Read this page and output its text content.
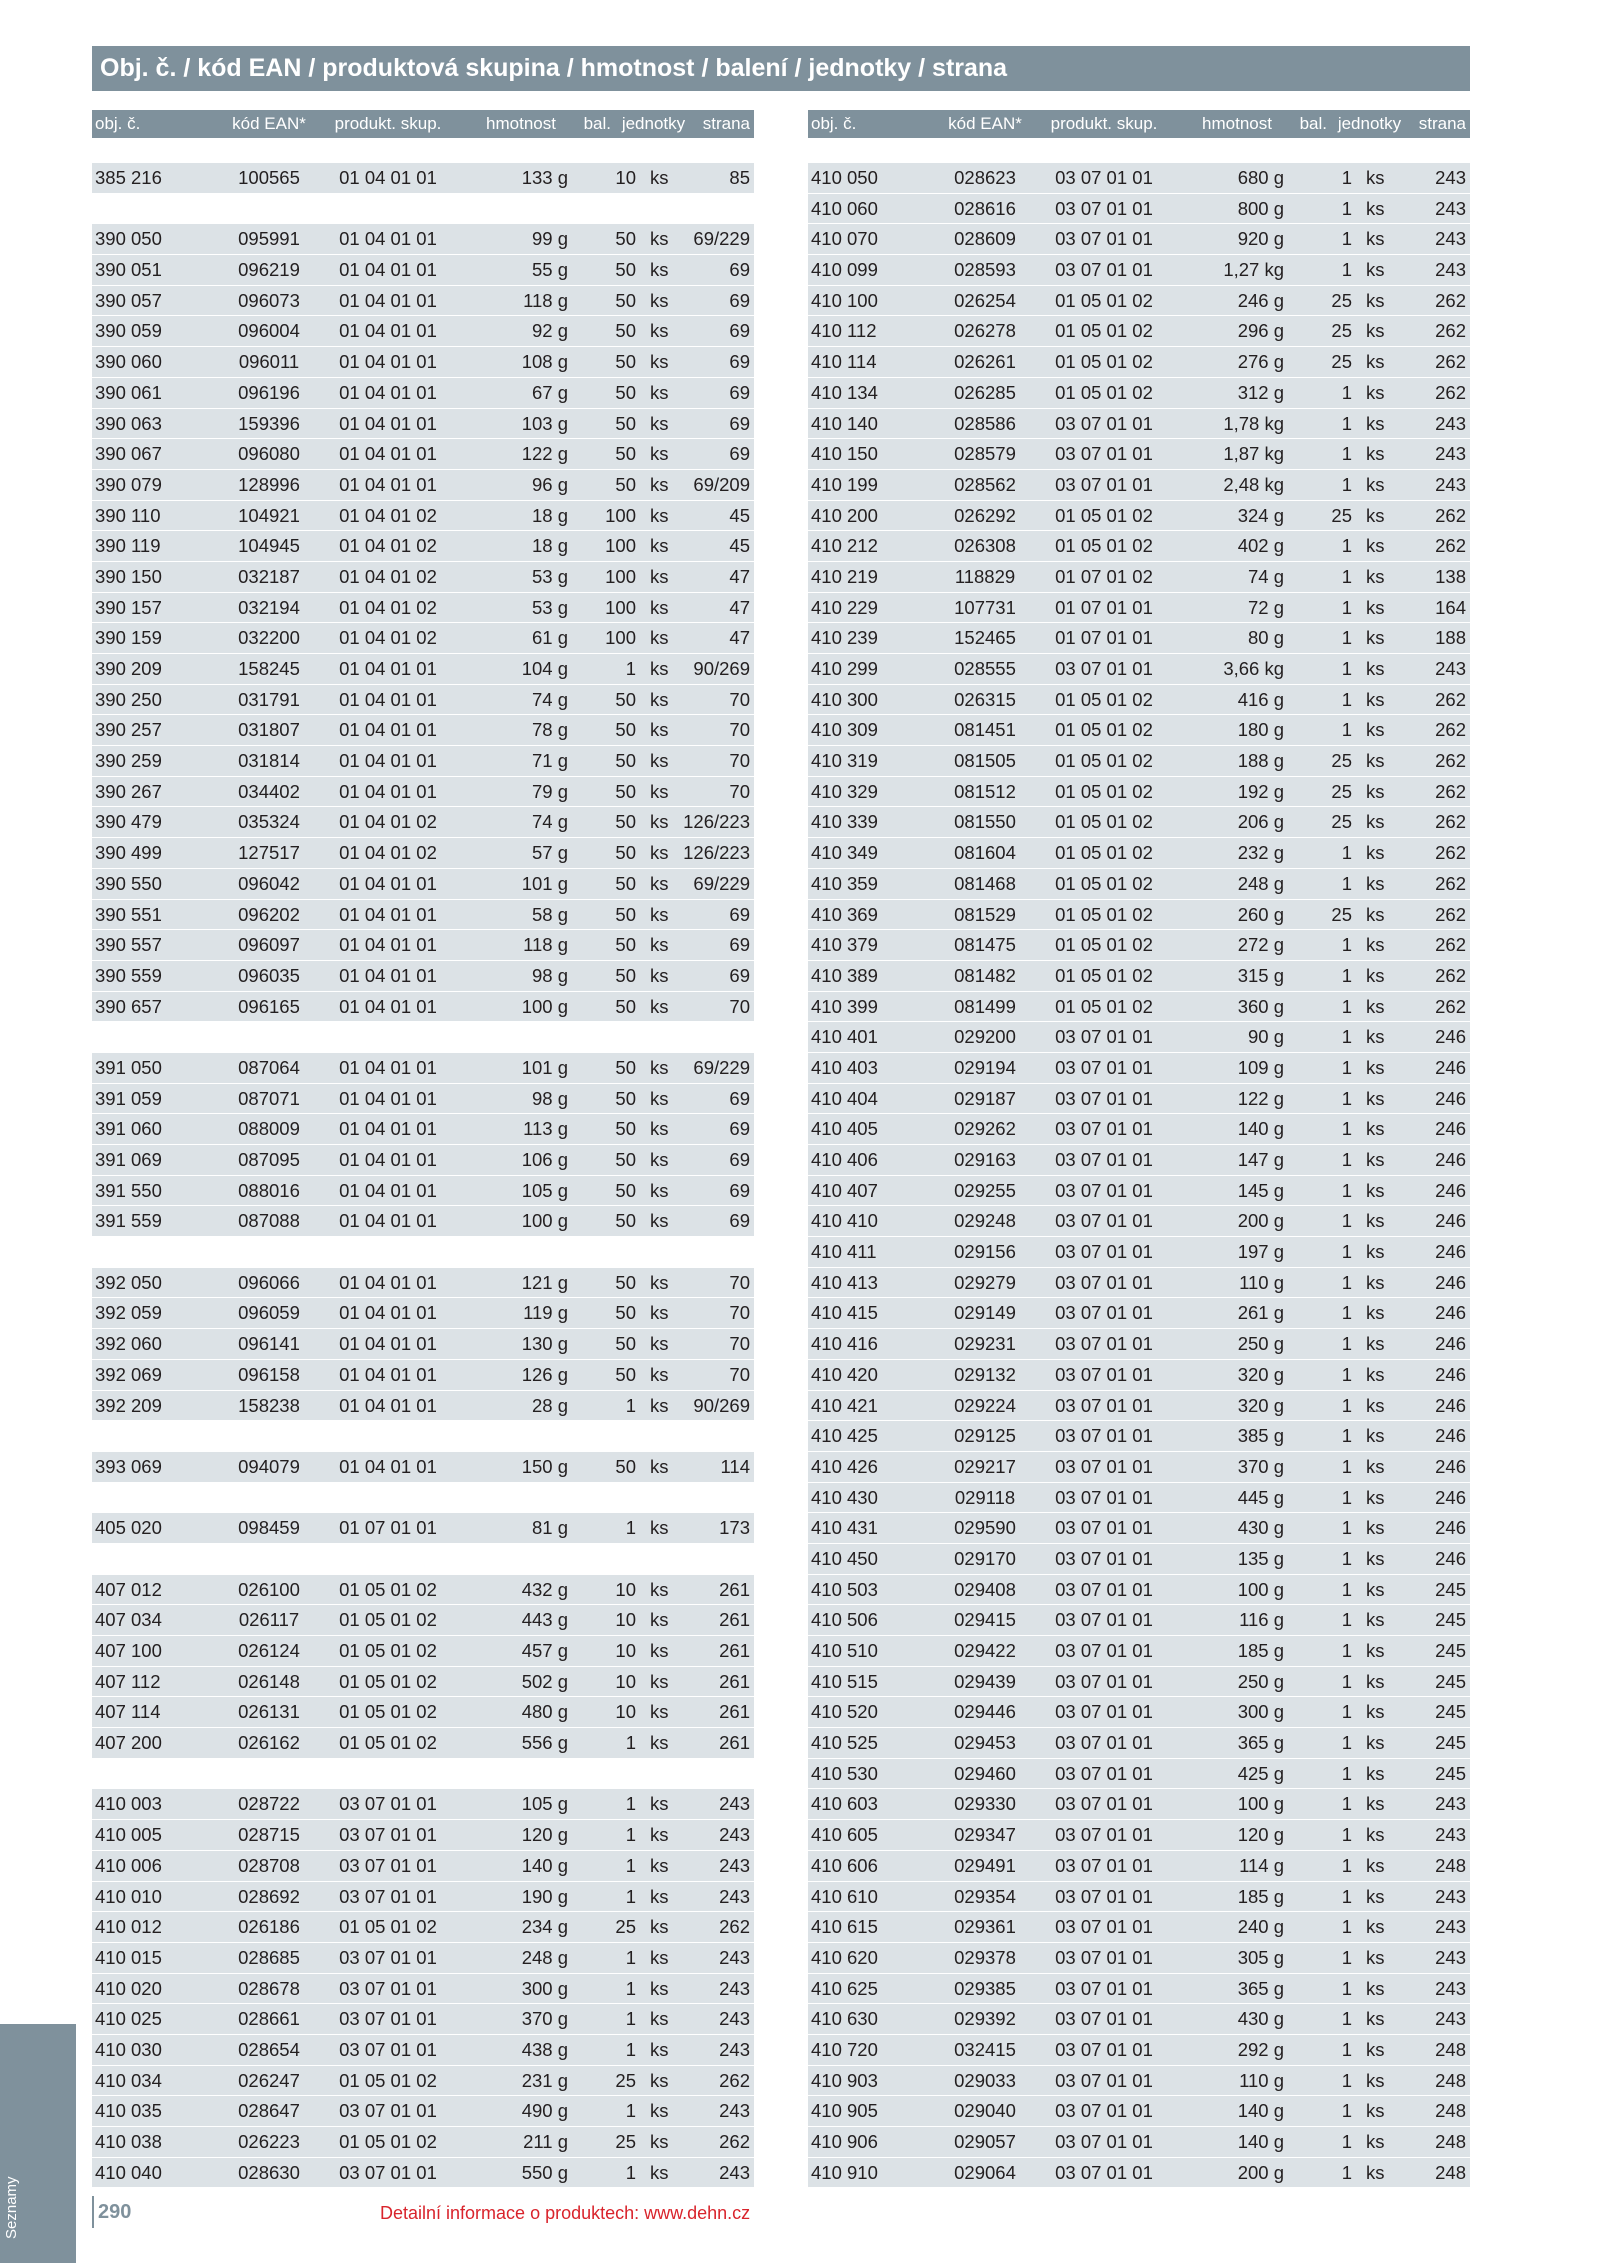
Obj. č. / kód EAN / produktová skupina / hmotnost / balení / jednotky / strana
obj. č.	kód EAN*	produkt. skup.	hmotnost	bal. jednotky	strana
385 216	100565	01 04 01 01	133 g	10 ks	85
390 050	095991	01 04 01 01	99 g	50 ks 69/229
390 051	096219	01 04 01 01	55 g	50 ks	69
390 057	096073	01 04 01 01	118 g	50 ks	69
390 059	096004	01 04 01 01	92 g	50 ks	69
390 060	096011	01 04 01 01	108 g	50 ks	69
390 061	096196	01 04 01 01	67 g	50 ks	69
390 063	159396	01 04 01 01	103 g	50 ks	69
390 067	096080	01 04 01 01	122 g	50 ks	69
390 079	128996	01 04 01 01	96 g	50 ks 69/209
390 110	104921	01 04 01 02	18 g	100 ks	45
390 119	104945	01 04 01 02	18 g	100 ks	45
390 150	032187	01 04 01 02	53 g	100 ks	47
390 157	032194	01 04 01 02	53 g	100 ks	47
390 159	032200	01 04 01 02	61 g	100 ks	47
390 209	158245	01 04 01 01	104 g	1 ks 90/269
390 250	031791	01 04 01 01	74 g	50 ks	70
390 257	031807	01 04 01 01	78 g	50 ks	70
390 259	031814	01 04 01 01	71 g	50 ks	70
390 267	034402	01 04 01 01	79 g	50 ks	70
390 479	035324	01 04 01 02	74 g	50 ks 126/223
390 499	127517	01 04 01 02	57 g	50 ks 126/223
390 550	096042	01 04 01 01	101 g	50 ks 69/229
390 551	096202	01 04 01 01	58 g	50 ks	69
390 557	096097	01 04 01 01	118 g	50 ks	69
390 559	096035	01 04 01 01	98 g	50 ks	69
390 657	096165	01 04 01 01	100 g	50 ks	70
391 050	087064	01 04 01 01	101 g	50 ks 69/229
391 059	087071	01 04 01 01	98 g	50 ks	69
391 060	088009	01 04 01 01	113 g	50 ks	69
391 069	087095	01 04 01 01	106 g	50 ks	69
391 550	088016	01 04 01 01	105 g	50 ks	69
391 559	087088	01 04 01 01	100 g	50 ks	69
392 050	096066	01 04 01 01	121 g	50 ks	70
392 059	096059	01 04 01 01	119 g	50 ks	70
392 060	096141	01 04 01 01	130 g	50 ks	70
392 069	096158	01 04 01 01	126 g	50 ks	70
392 209	158238	01 04 01 01	28 g	1 ks 90/269
393 069	094079	01 04 01 01	150 g	50 ks	114
405 020	098459	01 07 01 01	81 g	1 ks	173
407 012	026100	01 05 01 02	432 g	10 ks	261
407 034	026117	01 05 01 02	443 g	10 ks	261
407 100	026124	01 05 01 02	457 g	10 ks	261
407 112	026148	01 05 01 02	502 g	10 ks	261
407 114	026131	01 05 01 02	480 g	10 ks	261
407 200	026162	01 05 01 02	556 g	1 ks	261
410 003	028722	03 07 01 01	105 g	1 ks	243
410 005	028715	03 07 01 01	120 g	1 ks	243
410 006	028708	03 07 01 01	140 g	1 ks	243
410 010	028692	03 07 01 01	190 g	1 ks	243
410 012	026186	01 05 01 02	234 g	25 ks	262
410 015	028685	03 07 01 01	248 g	1 ks	243
410 020	028678	03 07 01 01	300 g	1 ks	243
410 025	028661	03 07 01 01	370 g	1 ks	243
410 030	028654	03 07 01 01	438 g	1 ks	243
410 034	026247	01 05 01 02	231 g	25 ks	262
410 035	028647	03 07 01 01	490 g	1 ks	243
410 038	026223	01 05 01 02	211 g	25 ks	262
410 040	028630	03 07 01 01	550 g	1 ks	243
obj. č.	kód EAN*	produkt. skup.	hmotnost	bal. jednotky	strana
410 050	028623	03 07 01 01	680 g	1 ks	243
410 060	028616	03 07 01 01	800 g	1 ks	243
410 070	028609	03 07 01 01	920 g	1 ks	243
410 099	028593	03 07 01 01	1,27 kg	1 ks	243
410 100	026254	01 05 01 02	246 g	25 ks	262
410 112	026278	01 05 01 02	296 g	25 ks	262
410 114	026261	01 05 01 02	276 g	25 ks	262
410 134	026285	01 05 01 02	312 g	1 ks	262
410 140	028586	03 07 01 01	1,78 kg	1 ks	243
410 150	028579	03 07 01 01	1,87 kg	1 ks	243
410 199	028562	03 07 01 01	2,48 kg	1 ks	243
410 200	026292	01 05 01 02	324 g	25 ks	262
410 212	026308	01 05 01 02	402 g	1 ks	262
410 219	118829	01 07 01 02	74 g	1 ks	138
410 229	107731	01 07 01 01	72 g	1 ks	164
410 239	152465	01 07 01 01	80 g	1 ks	188
410 299	028555	03 07 01 01	3,66 kg	1 ks	243
410 300	026315	01 05 01 02	416 g	1 ks	262
410 309	081451	01 05 01 02	180 g	1 ks	262
410 319	081505	01 05 01 02	188 g	25 ks	262
410 329	081512	01 05 01 02	192 g	25 ks	262
410 339	081550	01 05 01 02	206 g	25 ks	262
410 349	081604	01 05 01 02	232 g	1 ks	262
410 359	081468	01 05 01 02	248 g	1 ks	262
410 369	081529	01 05 01 02	260 g	25 ks	262
410 379	081475	01 05 01 02	272 g	1 ks	262
410 389	081482	01 05 01 02	315 g	1 ks	262
410 399	081499	01 05 01 02	360 g	1 ks	262
410 401	029200	03 07 01 01	90 g	1 ks	246
410 403	029194	03 07 01 01	109 g	1 ks	246
410 404	029187	03 07 01 01	122 g	1 ks	246
410 405	029262	03 07 01 01	140 g	1 ks	246
410 406	029163	03 07 01 01	147 g	1 ks	246
410 407	029255	03 07 01 01	145 g	1 ks	246
410 410	029248	03 07 01 01	200 g	1 ks	246
410 411	029156	03 07 01 01	197 g	1 ks	246
410 413	029279	03 07 01 01	110 g	1 ks	246
410 415	029149	03 07 01 01	261 g	1 ks	246
410 416	029231	03 07 01 01	250 g	1 ks	246
410 420	029132	03 07 01 01	320 g	1 ks	246
410 421	029224	03 07 01 01	320 g	1 ks	246
410 425	029125	03 07 01 01	385 g	1 ks	246
410 426	029217	03 07 01 01	370 g	1 ks	246
410 430	029118	03 07 01 01	445 g	1 ks	246
410 431	029590	03 07 01 01	430 g	1 ks	246
410 450	029170	03 07 01 01	135 g	1 ks	246
410 503	029408	03 07 01 01	100 g	1 ks	245
410 506	029415	03 07 01 01	116 g	1 ks	245
410 510	029422	03 07 01 01	185 g	1 ks	245
410 515	029439	03 07 01 01	250 g	1 ks	245
410 520	029446	03 07 01 01	300 g	1 ks	245
410 525	029453	03 07 01 01	365 g	1 ks	245
410 530	029460	03 07 01 01	425 g	1 ks	245
410 603	029330	03 07 01 01	100 g	1 ks	243
410 605	029347	03 07 01 01	120 g	1 ks	243
410 606	029491	03 07 01 01	114 g	1 ks	248
410 610	029354	03 07 01 01	185 g	1 ks	243
410 615	029361	03 07 01 01	240 g	1 ks	243
410 620	029378	03 07 01 01	305 g	1 ks	243
410 625	029385	03 07 01 01	365 g	1 ks	243
410 630	029392	03 07 01 01	430 g	1 ks	243
410 720	032415	03 07 01 01	292 g	1 ks	248
410 903	029033	03 07 01 01	110 g	1 ks	248
410 905	029040	03 07 01 01	140 g	1 ks	248
410 906	029057	03 07 01 01	140 g	1 ks	248
410 910	029064	03 07 01 01	200 g	1 ks	248
Seznamy	290	Detailní informace o produktech: www.dehn.cz
